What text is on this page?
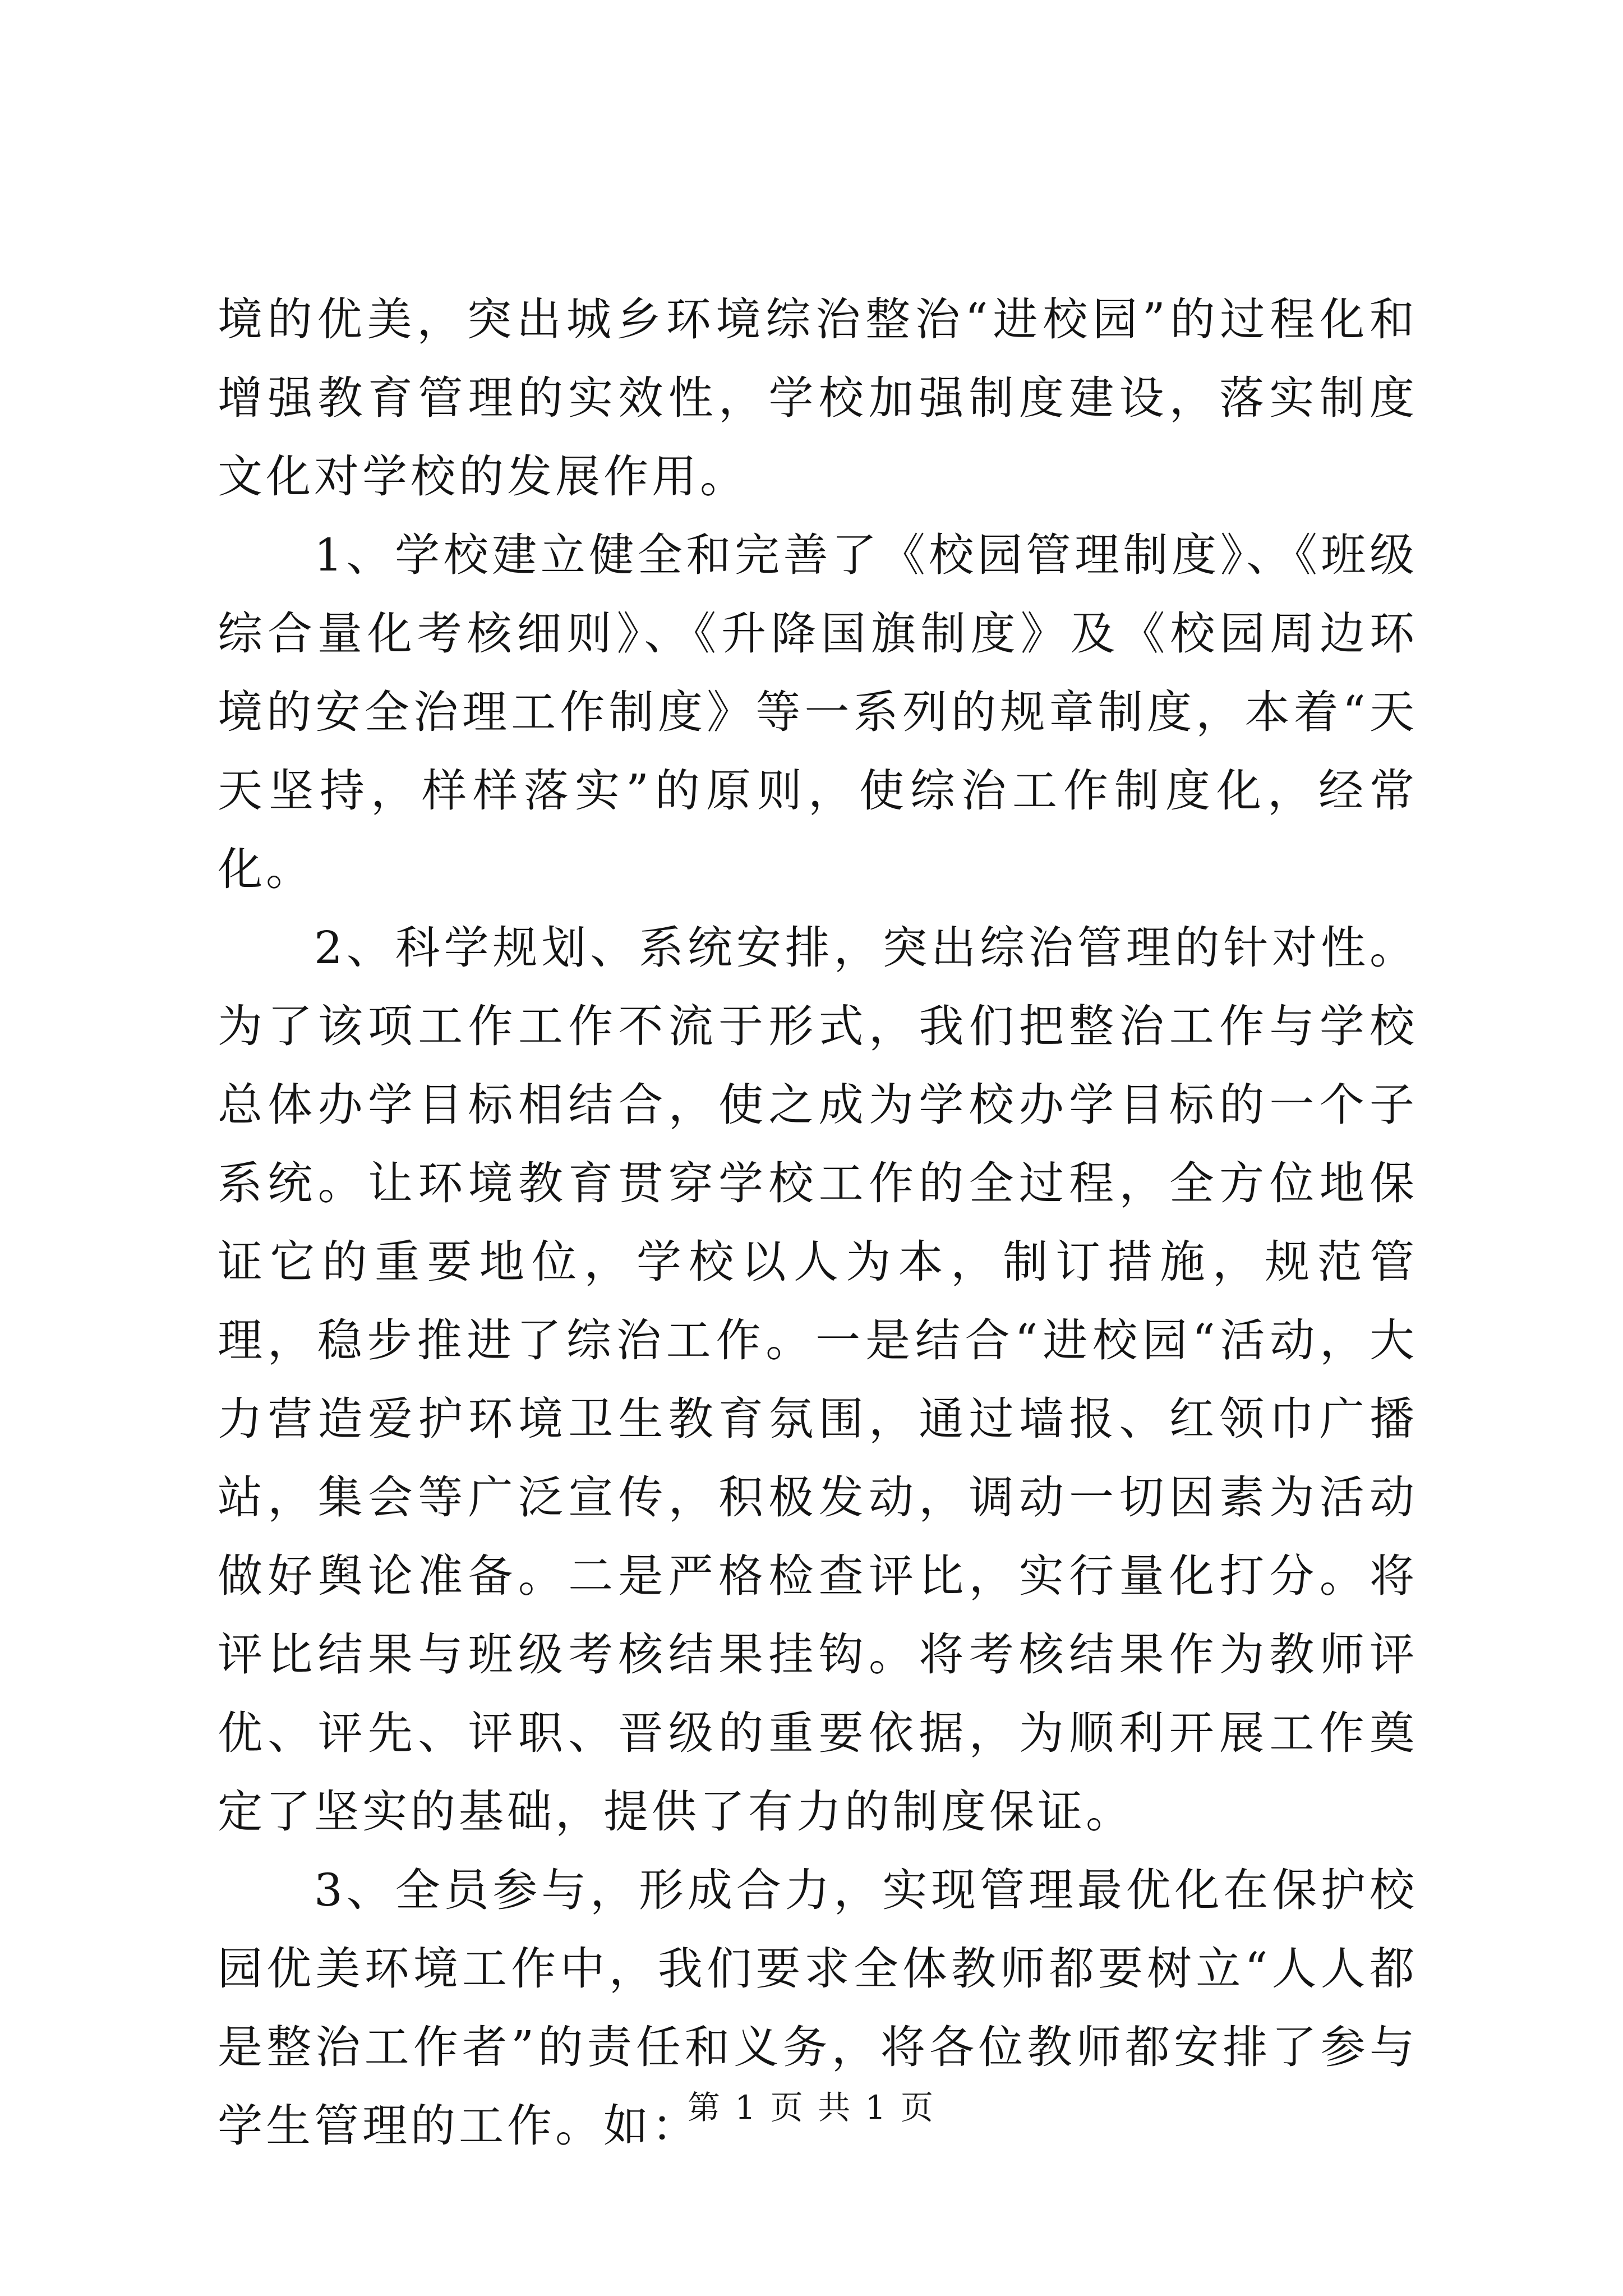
境的优美，突出城乡环境综治整治“进校园”的过程化和增强教育管理的实效性，学校加强制度建设，落实制度文化对学校的发展作用。

1、学校建立健全和完善了《校园管理制度》、《班级综合量化考核细则》、《升降国旗制度》及《校园周边环境的安全治理工作制度》等一系列的规章制度，本着“天天坚持，样样落实”的原则，使综治工作制度化，经常化。

2、科学规划、系统安排，突出综治管理的针对性。为了该项工作工作不流于形式，我们把整治工作与学校总体办学目标相结合，使之成为学校办学目标的一个子系统。让环境教育贯穿学校工作的全过程，全方位地保证它的重要地位，学校以人为本，制订措施，规范管理，稳步推进了综治工作。一是结合“进校园“活动，大力营造爱护环境卫生教育氛围，通过墙报、红领巾广播站，集会等广泛宣传，积极发动，调动一切因素为活动做好舆论准备。二是严格检查评比，实行量化打分。将评比结果与班级考核结果挂钩。将考核结果作为教师评优、评先、评职、晋级的重要依据，为顺利开展工作奠定了坚实的基础，提供了有力的制度保证。

3、全员参与，形成合力，实现管理最优化在保护校园优美环境工作中，我们要求全体教师都要树立“人人都是整治工作者”的责任和义务，将各位教师都安排了参与学生管理的工作。如：

第 1 页 共 1 页
